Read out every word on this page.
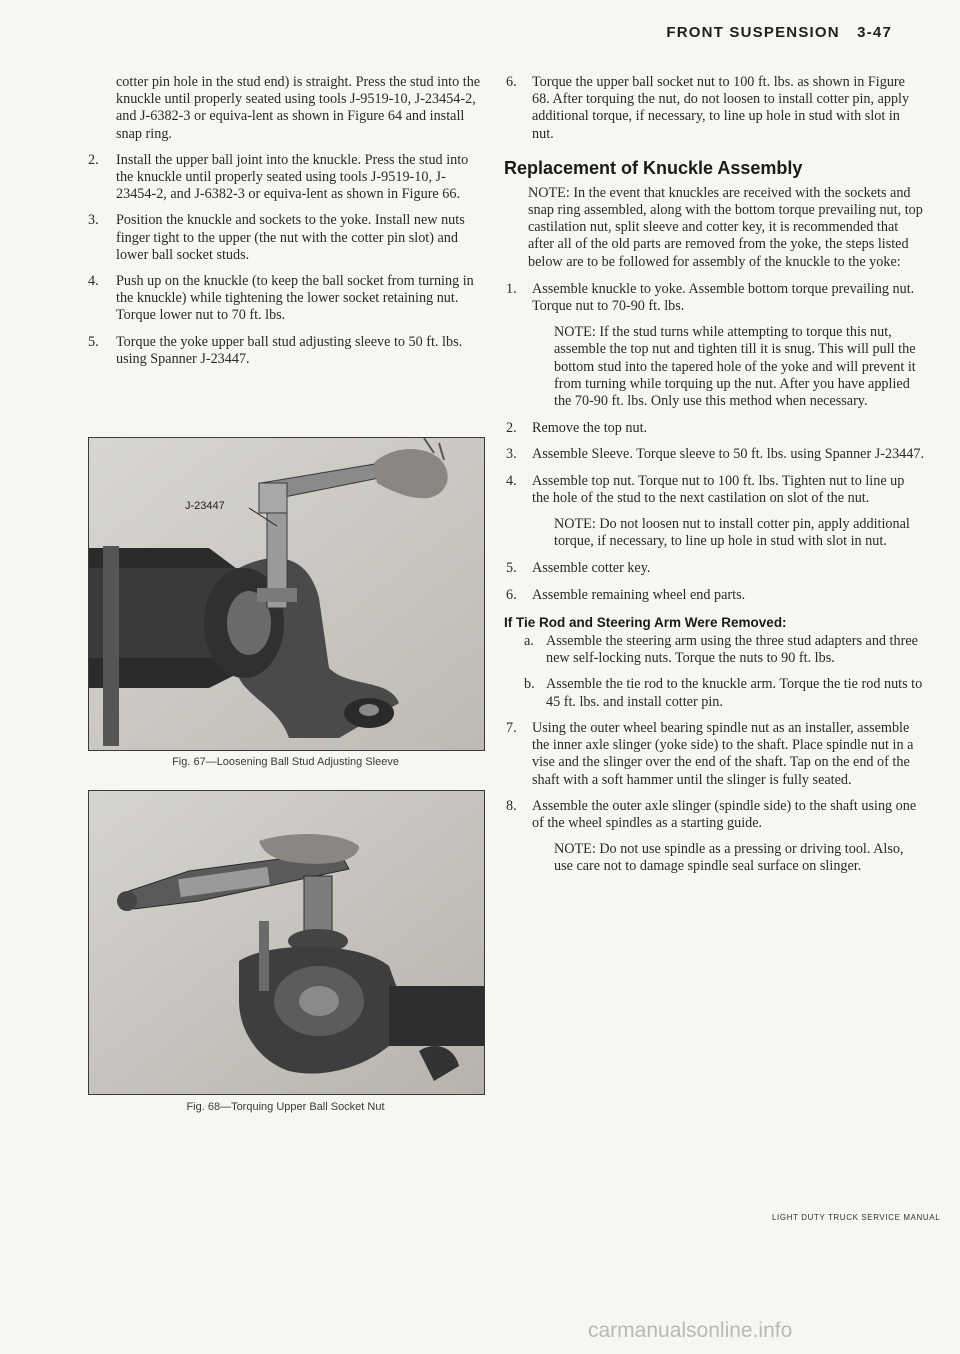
FRONT SUSPENSION 3-47

cotter pin hole in the stud end) is straight. Press the stud into the knuckle until properly seated using tools J-9519-10, J-23454-2, and J-6382-3 or equiva-lent as shown in Figure 64 and install snap ring.

2.	Install the upper ball joint into the knuckle. Press the stud into the knuckle until properly seated using tools J-9519-10, J-23454-2, and J-6382-3 or equiva-lent as shown in Figure 66.
3.	Position the knuckle and sockets to the yoke. Install new nuts finger tight to the upper (the nut with the cotter pin slot) and lower ball socket studs.
4.	Push up on the knuckle (to keep the ball socket from turning in the knuckle) while tightening the lower socket retaining nut. Torque lower nut to 70 ft. lbs.
5.	Torque the yoke upper ball stud adjusting sleeve to 50 ft. lbs. using Spanner J-23447.
J-23447
Fig. 67—Loosening Ball Stud Adjusting Sleeve
Fig. 68—Torquing Upper Ball Socket Nut
6.	Torque the upper ball socket nut to 100 ft. lbs. as shown in Figure 68. After torquing the nut, do not loosen to install cotter pin, apply additional torque, if necessary, to line up hole in stud with slot in nut.
Replacement of Knuckle Assembly

NOTE: In the event that knuckles are received with the sockets and snap ring assembled, along with the bottom torque prevailing nut, top castilation nut, split sleeve and cotter key, it is recommended that after all of the old parts are removed from the yoke, the steps listed below are to be followed for assembly of the knuckle to the yoke:

1.	Assemble knuckle to yoke. Assemble bottom torque prevailing nut. Torque nut to 70-90 ft. lbs.

NOTE: If the stud turns while attempting to torque this nut, assemble the top nut and tighten till it is snug. This will pull the bottom stud into the tapered hole of the yoke and will prevent it from turning while torquing up the nut. After you have applied the 70-90 ft. lbs. Only use this method when necessary.

2.	Remove the top nut.
3.	Assemble Sleeve. Torque sleeve to 50 ft. lbs. using Spanner J-23447.
4.	Assemble top nut. Torque nut to 100 ft. lbs. Tighten nut to line up the hole of the stud to the next castilation on slot of the nut.

NOTE: Do not loosen nut to install cotter pin, apply additional torque, if necessary, to line up hole in stud with slot in nut.

5.	Assemble cotter key.
6.	Assemble remaining wheel end parts.
If Tie Rod and Steering Arm Were Removed:
a. Assemble the steering arm using the three stud adapters and three new self-locking nuts. Torque the nuts to 90 ft. lbs.
b. Assemble the tie rod to the knuckle arm. Torque the tie rod nuts to 45 ft. lbs. and install cotter pin.
7.	Using the outer wheel bearing spindle nut as an installer, assemble the inner axle slinger (yoke side) to the shaft. Place spindle nut in a vise and the slinger over the end of the shaft. Tap on the end of the shaft with a soft hammer until the slinger is fully seated.
8.	Assemble the outer axle slinger (spindle side) to the shaft using one of the wheel spindles as a starting guide.

NOTE: Do not use spindle as a pressing or driving tool. Also, use care not to damage spindle seal surface on slinger.

LIGHT DUTY TRUCK SERVICE MANUAL
carmanualsonline.info
